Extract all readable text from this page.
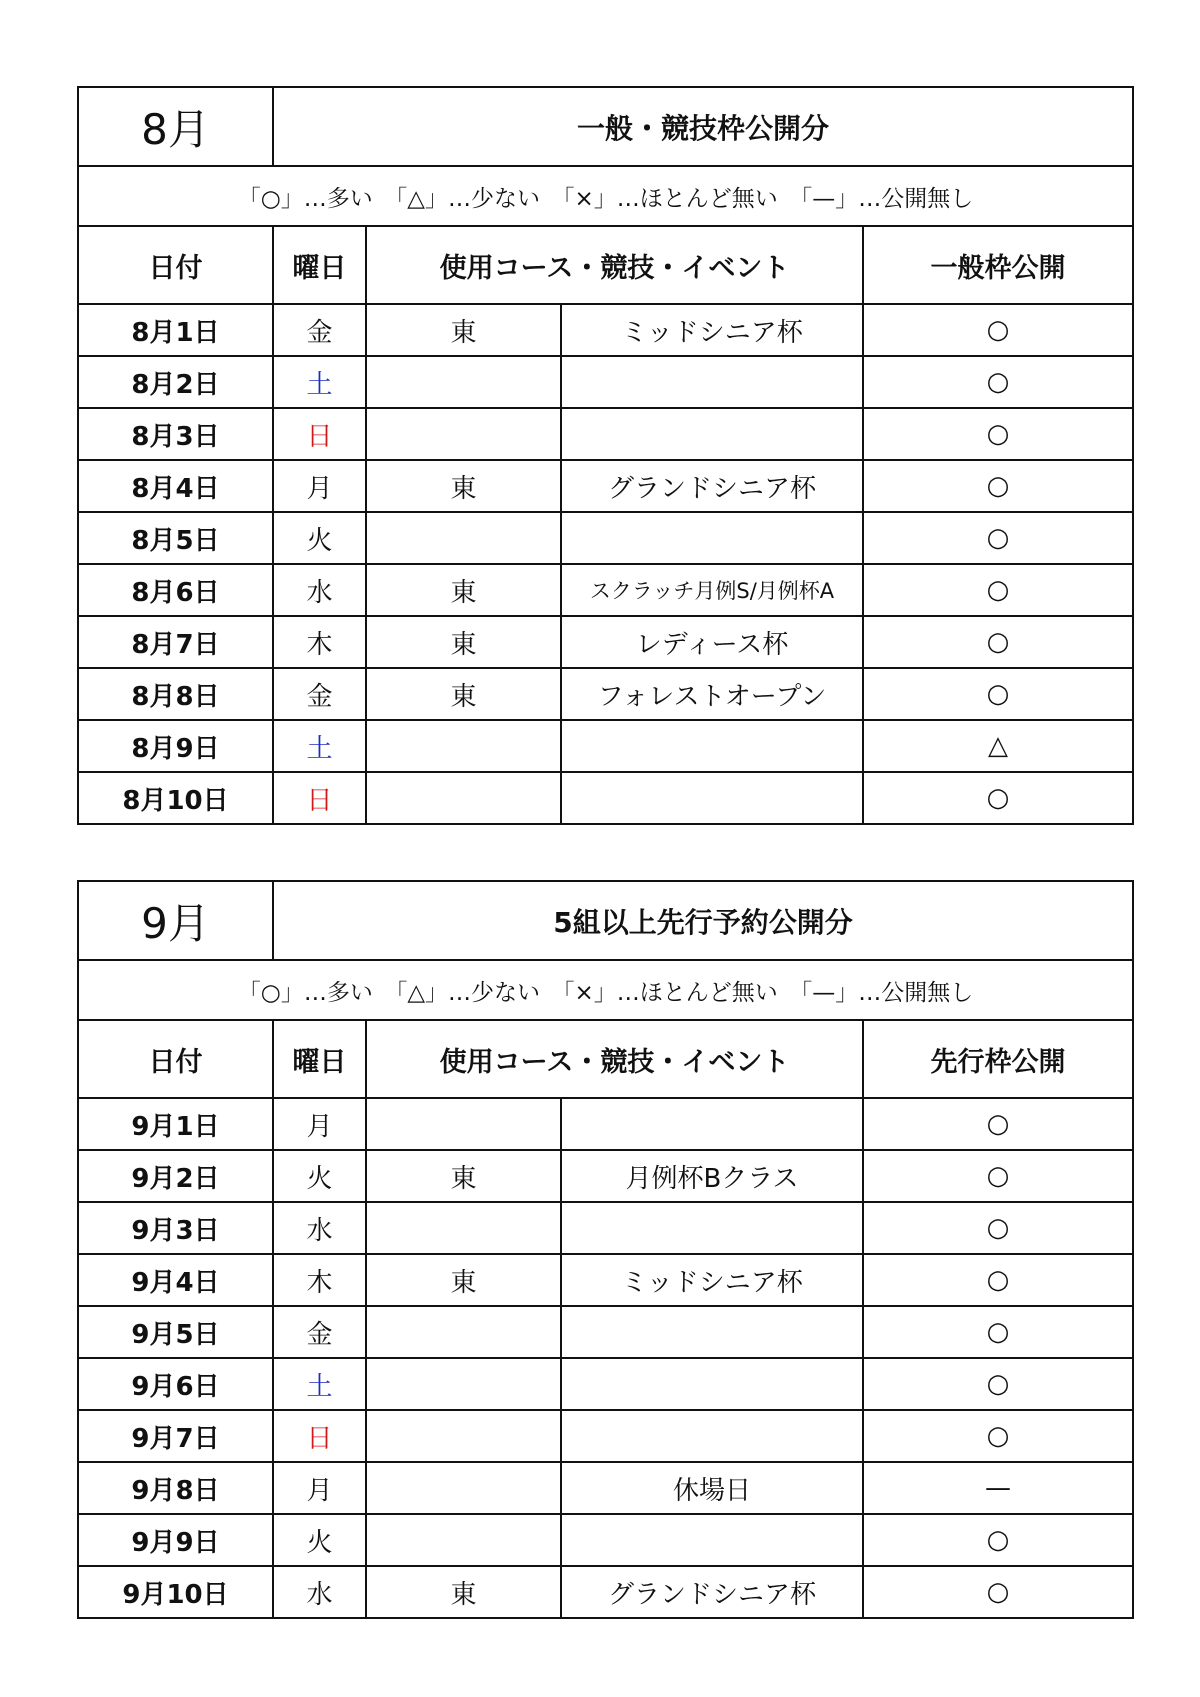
8月	一般・競技枠公開分			
「○」…多い　「△」…少ない　「×」…ほとんど無い　「—」…公開無し				
日付	曜日	使用コース・競技・イベント		一般枠公開
8月1日	金	東	ミッドシニア杯	○
8月2日	土			○
8月3日	日			○
8月4日	月	東	グランドシニア杯	○
8月5日	火			○
8月6日	水	東	スクラッチ月例S/月例杯A	○
8月7日	木	東	レディース杯	○
8月8日	金	東	フォレストオープン	○
8月9日	土			△
8月10日	日			○
9月	5組以上先行予約公開分			
「○」…多い　「△」…少ない　「×」…ほとんど無い　「—」…公開無し				
日付	曜日	使用コース・競技・イベント		先行枠公開
9月1日	月			○
9月2日	火	東	月例杯Bクラス	○
9月3日	水			○
9月4日	木	東	ミッドシニア杯	○
9月5日	金			○
9月6日	土			○
9月7日	日			○
9月8日	月		休場日	—
9月9日	火			○
9月10日	水	東	グランドシニア杯	○
